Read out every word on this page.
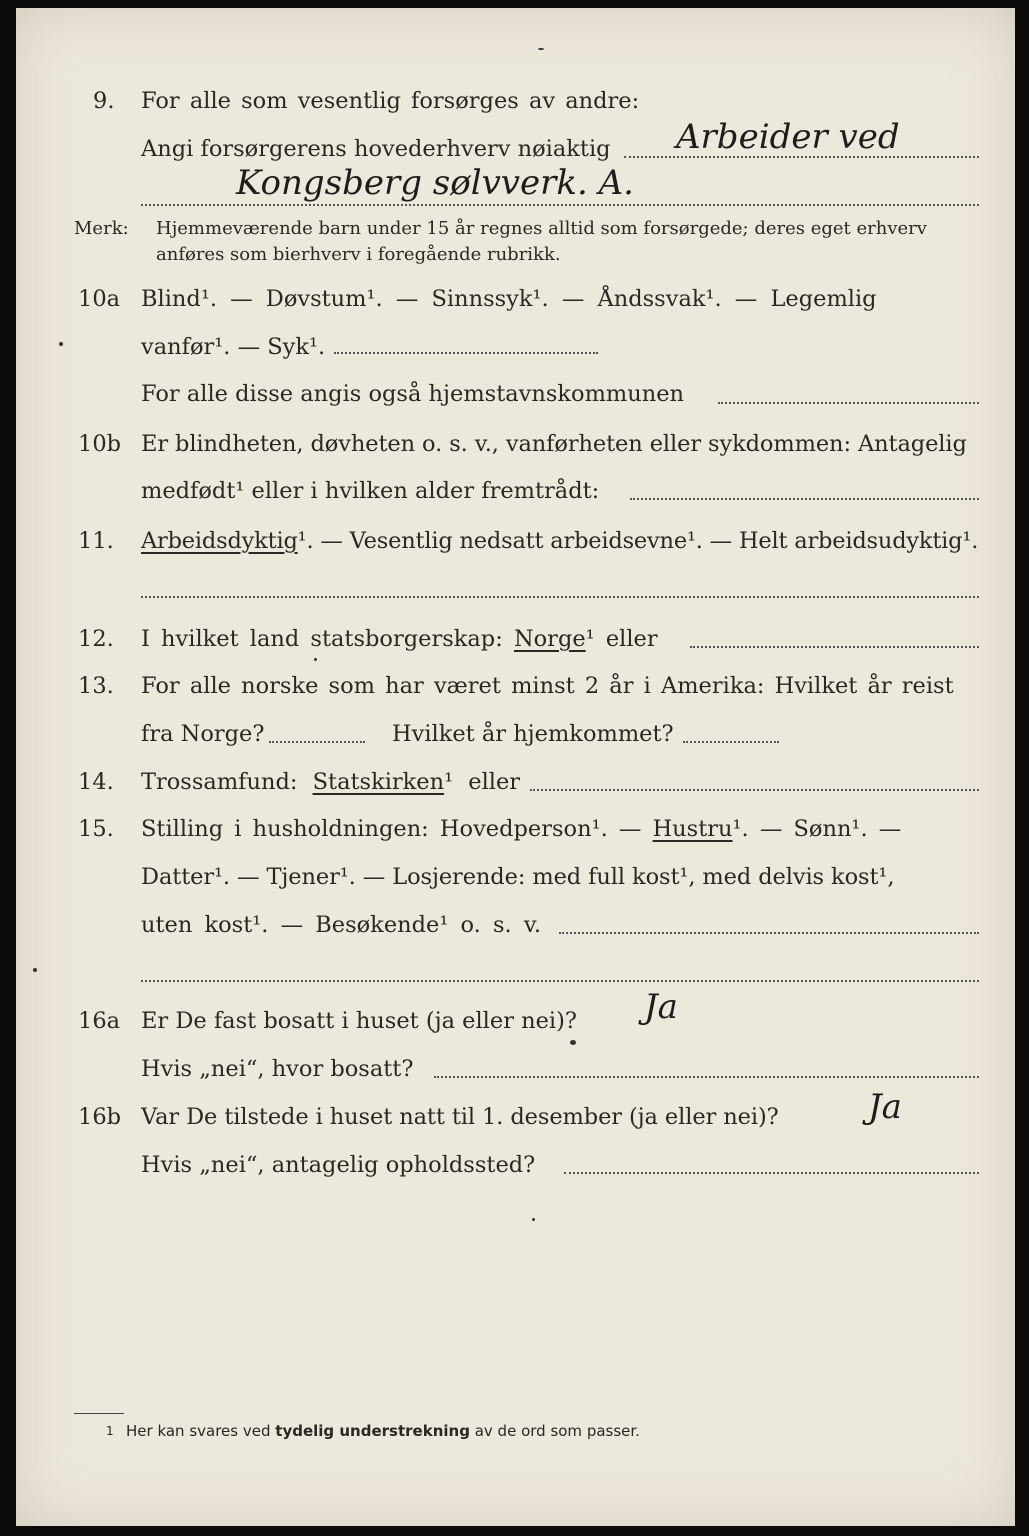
9. For alle som vesentlig forsørges av andre:
Angi forsørgerens hovederhverv nøiaktig Arbeider ved
Kongsberg sølvverk. A.
Merk: Hjemmeværende barn under 15 år regnes alltid som forsørgede; deres eget erhverv
anføres som bierhverv i foregående rubrikk.
10a Blind¹. — Døvstum¹. — Sinnssyk¹. — Åndssvak¹. — Legemlig
vanfør¹. — Syk¹.
For alle disse angis også hjemstavnskommunen
10b Er blindheten, døvheten o. s. v., vanførheten eller sykdommen: Antagelig
medfødt¹ eller i hvilken alder fremtrådt:
11. Arbeidsdyktig¹. — Vesentlig nedsatt arbeidsevne¹. — Helt arbeidsudyktig¹.
12. I hvilket land statsborgerskap: Norge¹ eller
13. For alle norske som har været minst 2 år i Amerika: Hvilket år reist
fra Norge?	Hvilket år hjemkommet?
14. Trossamfund: Statskirken¹ eller
15. Stilling i husholdningen: Hovedperson¹. — Hustru¹. — Sønn¹. —
Datter¹. — Tjener¹. — Losjerende: med full kost¹, med delvis kost¹,
uten kost¹. — Besøkende¹ o. s. v.
16a Er De fast bosatt i huset (ja eller nei)? Ja
Hvis „nei“, hvor bosatt?
16b Var De tilstede i huset natt til 1. desember (ja eller nei)?	Ja
Hvis „nei“, antagelig opholdssted?
1 Her kan svares ved tydelig understrekning av de ord som passer.
